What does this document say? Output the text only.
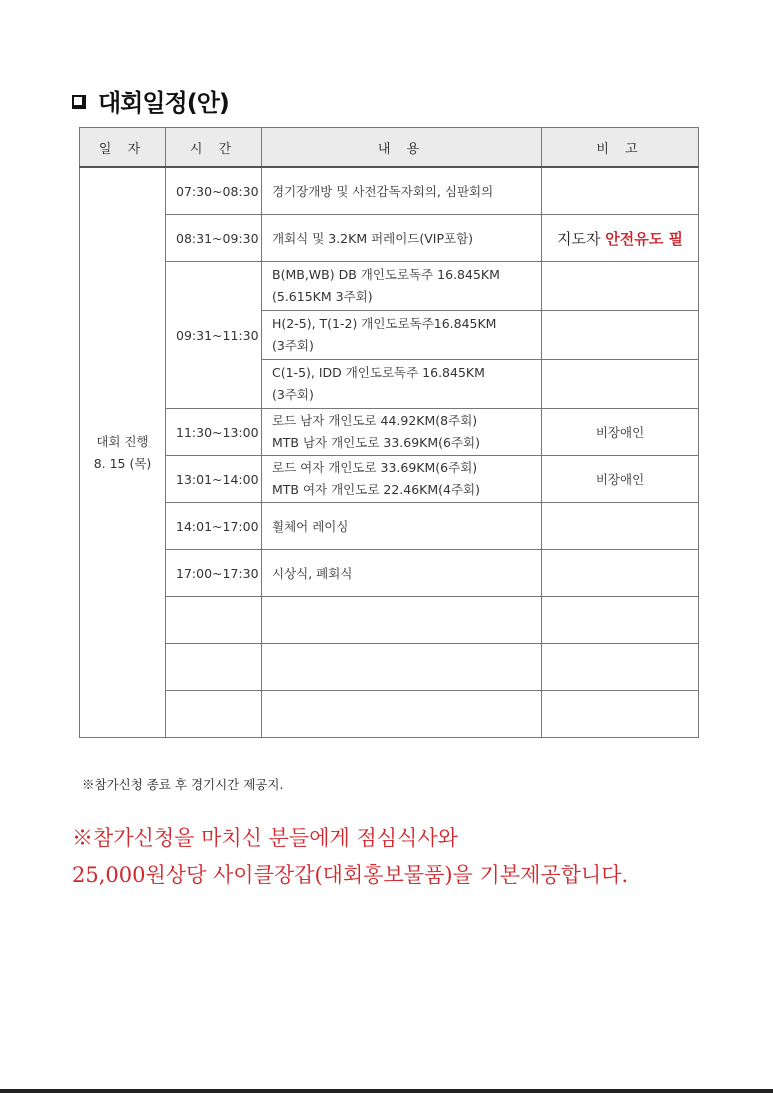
대회일정(안)
일 자	시 간	내 용	비 고

대회 진행
8. 15 (목)	07:30~08:30	경기장개방 및 사전감독자회의, 심판회의	
	08:31~09:30	개회식 및 3.2KM 퍼레이드(VIP포함)	지도자 안전유도 필
	09:31~11:30	B(MB,WB) DB 개인도로독주 16.845KM
(5.615KM 3주회)	

		H(2-5), T(1-2) 개인도로독주16.845KM
(3주회)	

		C(1-5), IDD 개인도로독주 16.845KM
(3주회)	

	11:30~13:00	로드 남자 개인도로 44.92KM(8주회)
MTB 남자 개인도로 33.69KM(6주회)	비장애인
	13:01~14:00	로드 여자 개인도로 33.69KM(6주회)
MTB 여자 개인도로 22.46KM(4주회)	비장애인
	14:01~17:00	휠체어 레이싱	
	17:00~17:30	시상식, 폐회식	

※참가신청 종료 후 경기시간 제공지.
※참가신청을 마치신 분들에게 점심식사와
25,000원상당 사이클장갑(대회홍보물품)을 기본제공합니다.
